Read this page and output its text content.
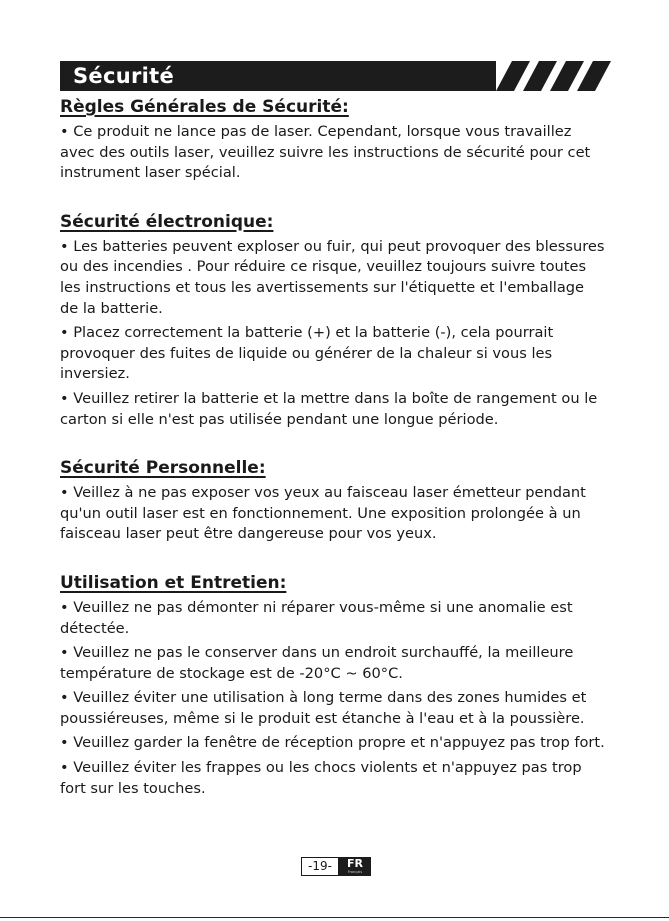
Sécurité
Règles Générales de Sécurité:

• Ce produit ne lance pas de laser. Cependant, lorsque vous travaillez avec des outils laser, veuillez suivre les instructions de sécurité pour cet instrument laser spécial.

Sécurité électronique:

• Les batteries peuvent exploser ou fuir, qui peut provoquer des blessures ou des incendies . Pour réduire ce risque, veuillez toujours suivre toutes les instructions et tous les avertissements sur l'étiquette et l'emballage de la batterie.

• Placez correctement la batterie (+) et la batterie (-), cela pourrait provoquer des fuites de liquide ou générer de la chaleur si vous les inversiez.

• Veuillez retirer la batterie et la mettre dans la boîte de rangement ou le carton si elle n'est pas utilisée pendant une longue période.

Sécurité Personnelle:

• Veillez à ne pas exposer vos yeux au faisceau laser émetteur pendant qu'un outil laser est en fonctionnement. Une exposition prolongée à un faisceau laser peut être dangereuse pour vos yeux.

Utilisation et Entretien:

• Veuillez ne pas démonter ni réparer vous-même si une anomalie est détectée.

• Veuillez ne pas le conserver dans un endroit surchauffé, la meilleure température de stockage est de -20°C ~ 60°C.

• Veuillez éviter une utilisation à long terme dans des zones humides et poussiéreuses, même si le produit est étanche à l'eau et à la poussière.

• Veuillez garder la fenêtre de réception propre et n'appuyez pas trop fort.

• Veuillez éviter les frappes ou les chocs violents et n'appuyez pas trop fort sur les touches.

-19-	FR
Français
